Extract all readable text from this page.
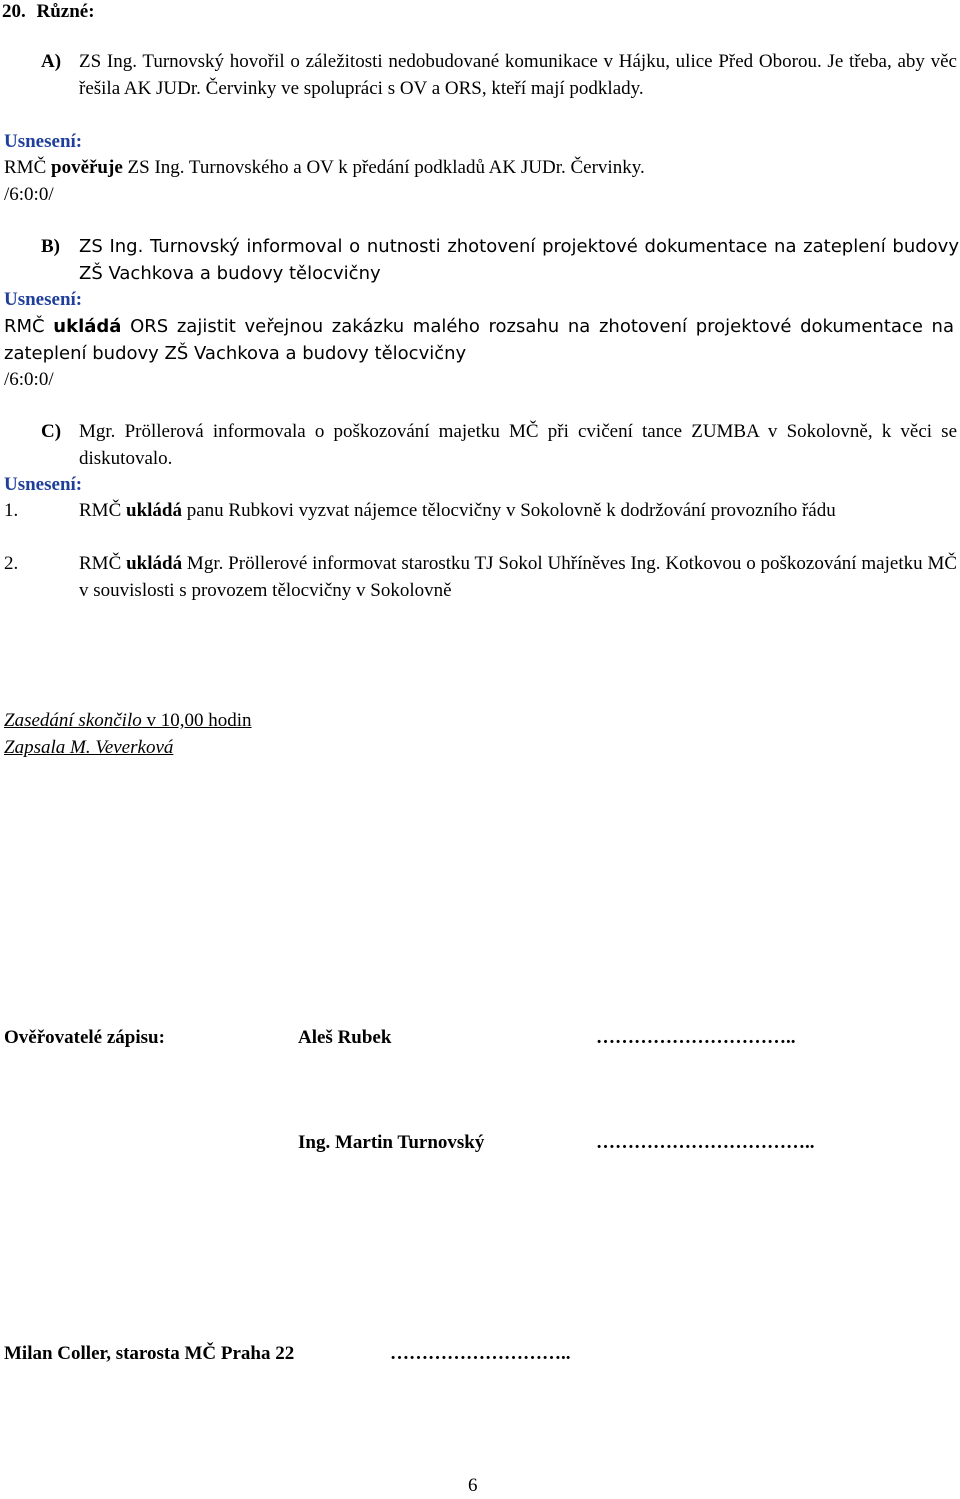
20. Různé:
A) ZS Ing. Turnovský hovořil o záležitosti nedobudované komunikace v Hájku, ulice Před Oborou. Je třeba, aby věc řešila AK JUDr. Červinky ve spolupráci s OV a ORS, kteří mají podklady.
Usnesení:
RMČ pověřuje ZS Ing. Turnovského a OV k předání podkladů AK JUDr. Červinky.
/6:0:0/
B) ZS Ing. Turnovský informoval o nutnosti zhotovení projektové dokumentace na zateplení budovy ZŠ Vachkova a budovy tělocvičny
Usnesení:
RMČ ukládá ORS zajistit veřejnou zakázku malého rozsahu na zhotovení projektové dokumentace na zateplení budovy ZŠ Vachkova a budovy tělocvičny
/6:0:0/
C) Mgr. Pröllerová informovala o poškozování majetku MČ při cvičení tance ZUMBA v Sokolovně, k věci se diskutovalo.
Usnesení:
1.	RMČ ukládá panu Rubkovi vyzvat nájemce tělocvičny v Sokolovně k dodržování provozního řádu
2.	RMČ ukládá Mgr. Pröllerové informovat starostku TJ Sokol Uhříněves Ing. Kotkovou o poškozování majetku MČ v souvislosti s provozem tělocvičny v Sokolovně
Zasedání skončilo v 10,00 hodin
Zapsala M. Veverková
Ověřovatelé zápisu:	Aleš Rubek	…………………………..
Ing. Martin Turnovský	……………………………..
Milan Coller, starosta MČ Praha 22	………………………..
6
